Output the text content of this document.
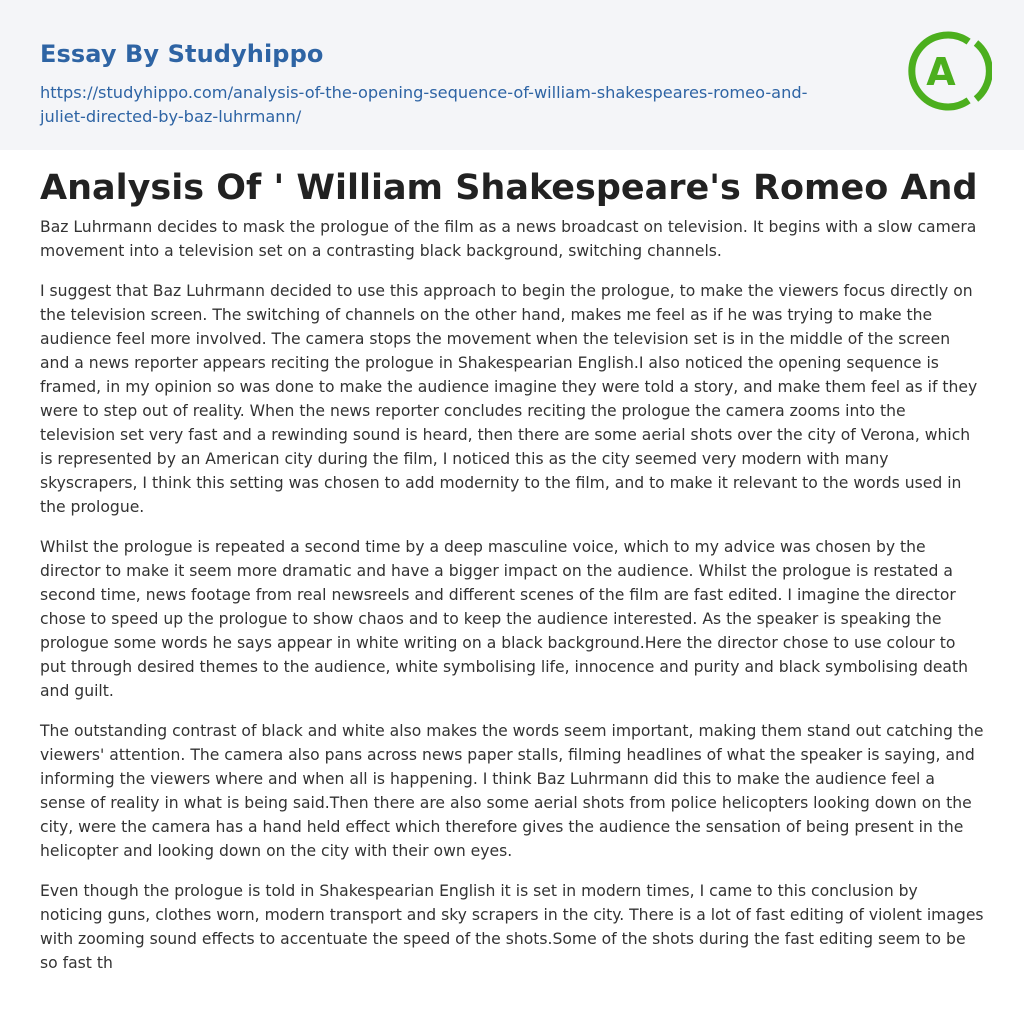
Essay By Studyhippo
https://studyhippo.com/analysis-of-the-opening-sequence-of-william-shakespeares-romeo-and-juliet-directed-by-baz-luhrmann/
A
Analysis Of ' William Shakespeare's Romeo And

Baz Luhrmann decides to mask the prologue of the film as a news broadcast on television. It begins with a slow camera movement into a television set on a contrasting black background, switching channels.

I suggest that Baz Luhrmann decided to use this approach to begin the prologue, to make the viewers focus directly on the television screen. The switching of channels on the other hand, makes me feel as if he was trying to make the audience feel more involved. The camera stops the movement when the television set is in the middle of the screen and a news reporter appears reciting the prologue in Shakespearian English.I also noticed the opening sequence is framed, in my opinion so was done to make the audience imagine they were told a story, and make them feel as if they were to step out of reality. When the news reporter concludes reciting the prologue the camera zooms into the television set very fast and a rewinding sound is heard, then there are some aerial shots over the city of Verona, which is represented by an American city during the film, I noticed this as the city seemed very modern with many skyscrapers, I think this setting was chosen to add modernity to the film, and to make it relevant to the words used in the prologue.

Whilst the prologue is repeated a second time by a deep masculine voice, which to my advice was chosen by the director to make it seem more dramatic and have a bigger impact on the audience. Whilst the prologue is restated a second time, news footage from real newsreels and different scenes of the film are fast edited. I imagine the director chose to speed up the prologue to show chaos and to keep the audience interested. As the speaker is speaking the prologue some words he says appear in white writing on a black background.Here the director chose to use colour to put through desired themes to the audience, white symbolising life, innocence and purity and black symbolising death and guilt.

The outstanding contrast of black and white also makes the words seem important, making them stand out catching the viewers' attention. The camera also pans across news paper stalls, filming headlines of what the speaker is saying, and informing the viewers where and when all is happening. I think Baz Luhrmann did this to make the audience feel a sense of reality in what is being said.Then there are also some aerial shots from police helicopters looking down on the city, were the camera has a hand held effect which therefore gives the audience the sensation of being present in the helicopter and looking down on the city with their own eyes.

Even though the prologue is told in Shakespearian English it is set in modern times, I came to this conclusion by noticing guns, clothes worn, modern transport and sky scrapers in the city. There is a lot of fast editing of violent images with zooming sound effects to accentuate the speed of the shots.Some of the shots during the fast editing seem to be so fast th
